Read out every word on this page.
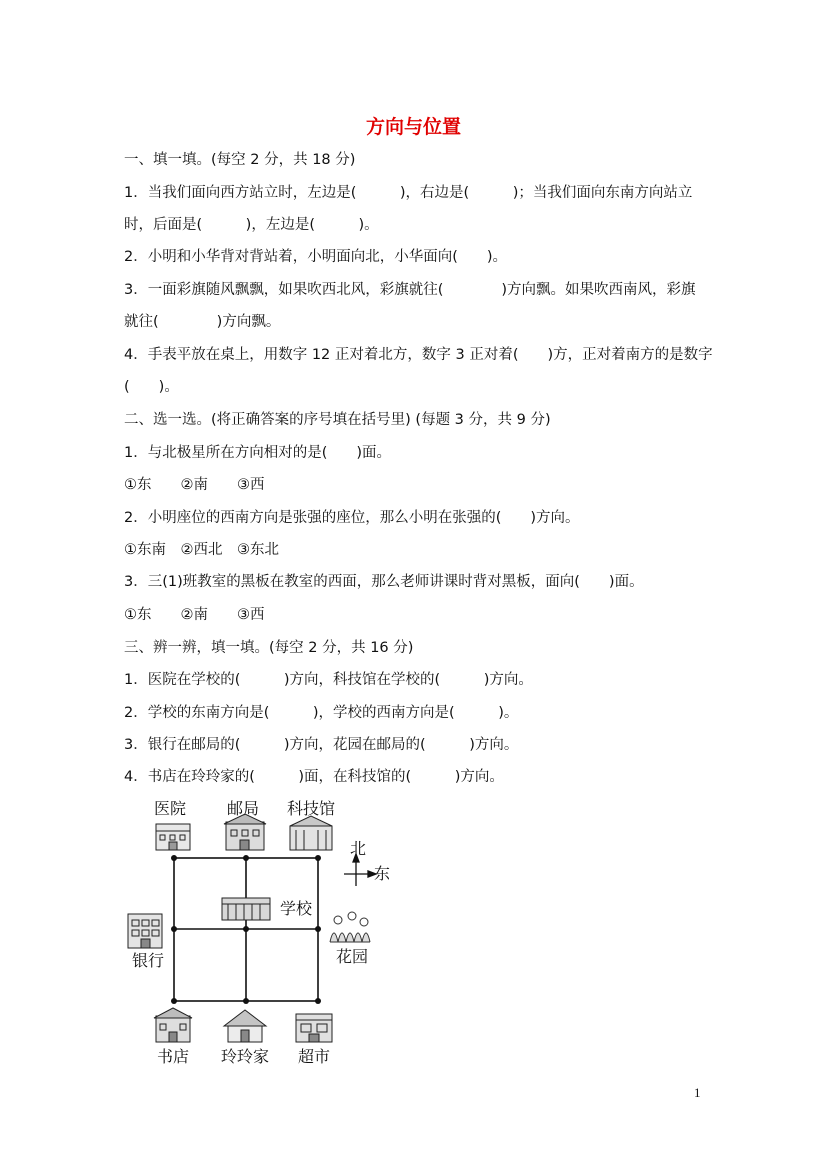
方向与位置
一、填一填。(每空 2 分，共 18 分)
1．当我们面向西方站立时，左边是(　　　)，右边是(　　　)；当我们面向东南方向站立
时，后面是(　　　)，左边是(　　　)。
2．小明和小华背对背站着，小明面向北，小华面向(　　)。
3．一面彩旗随风飘飘，如果吹西北风，彩旗就往(　　　　)方向飘。如果吹西南风，彩旗
就往(　　　　)方向飘。
4．手表平放在桌上，用数字 12 正对着北方，数字 3 正对着(　　)方，正对着南方的是数字
(　　)。
二、选一选。(将正确答案的序号填在括号里) (每题 3 分，共 9 分)
1．与北极星所在方向相对的是(　　)面。
①东　　②南　　③西
2．小明座位的西南方向是张强的座位，那么小明在张强的(　　)方向。
①东南　②西北　③东北
3．三(1)班教室的黑板在教室的西面，那么老师讲课时背对黑板，面向(　　)面。
①东　　②南　　③西
三、辨一辨，填一填。(每空 2 分，共 16 分)
1．医院在学校的(　　　)方向，科技馆在学校的(　　　)方向。
2．学校的东南方向是(　　　)，学校的西南方向是(　　　)。
3．银行在邮局的(　　　)方向，花园在邮局的(　　　)方向。
4．书店在玲玲家的(　　　)面，在科技馆的(　　　)方向。
医院	邮局 科技馆
北
东
学校
银行	花园
书店 玲玲家 超市
1
